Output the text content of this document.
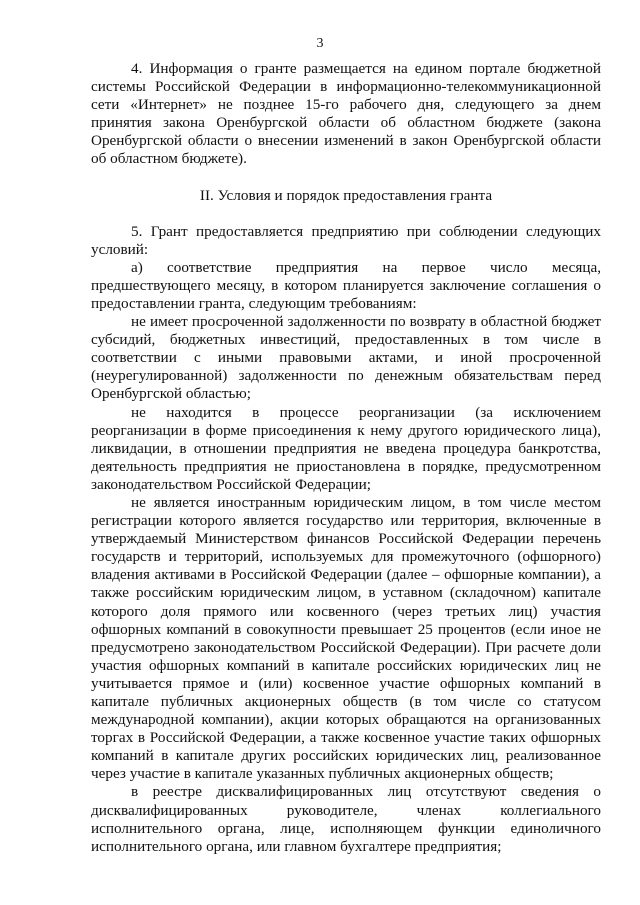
3

4. Информация о гранте размещается на едином портале бюджетной системы Российской Федерации в информационно-телекоммуникационной сети «Интернет» не позднее 15-го рабочего дня, следующего за днем принятия закона Оренбургской области об областном бюджете (закона Оренбургской области о внесении изменений в закон Оренбургской области об областном бюджете).

II. Условия и порядок предоставления гранта

5. Грант предоставляется предприятию при соблюдении следующих условий:

а) соответствие предприятия на первое число месяца, предшествующего месяцу, в котором планируется заключение соглашения о предоставлении гранта, следующим требованиям:

не имеет просроченной задолженности по возврату в областной бюджет субсидий, бюджетных инвестиций, предоставленных в том числе в соответствии с иными правовыми актами, и иной просроченной (неурегулированной) задолженности по денежным обязательствам перед Оренбургской областью;

не находится в процессе реорганизации (за исключением реорганизации в форме присоединения к нему другого юридического лица), ликвидации, в отношении предприятия не введена процедура банкротства, деятельность предприятия не приостановлена в порядке, предусмотренном законодательством Российской Федерации;

не является иностранным юридическим лицом, в том числе местом регистрации которого является государство или территория, включенные в утверждаемый Министерством финансов Российской Федерации перечень государств и территорий, используемых для промежуточного (офшорного) владения активами в Российской Федерации (далее – офшорные компании), а также российским юридическим лицом, в уставном (складочном) капитале которого доля прямого или косвенного (через третьих лиц) участия офшорных компаний в совокупности превышает 25 процентов (если иное не предусмотрено законодательством Российской Федерации). При расчете доли участия офшорных компаний в капитале российских юридических лиц не учитывается прямое и (или) косвенное участие офшорных компаний в капитале публичных акционерных обществ (в том числе со статусом международной компании), акции которых обращаются на организованных торгах в Российской Федерации, а также косвенное участие таких офшорных компаний в капитале других российских юридических лиц, реализованное через участие в капитале указанных публичных акционерных обществ;

в реестре дисквалифицированных лиц отсутствуют сведения о дисквалифицированных руководителе, членах коллегиального исполнительного органа, лице, исполняющем функции единоличного исполнительного органа, или главном бухгалтере предприятия;
